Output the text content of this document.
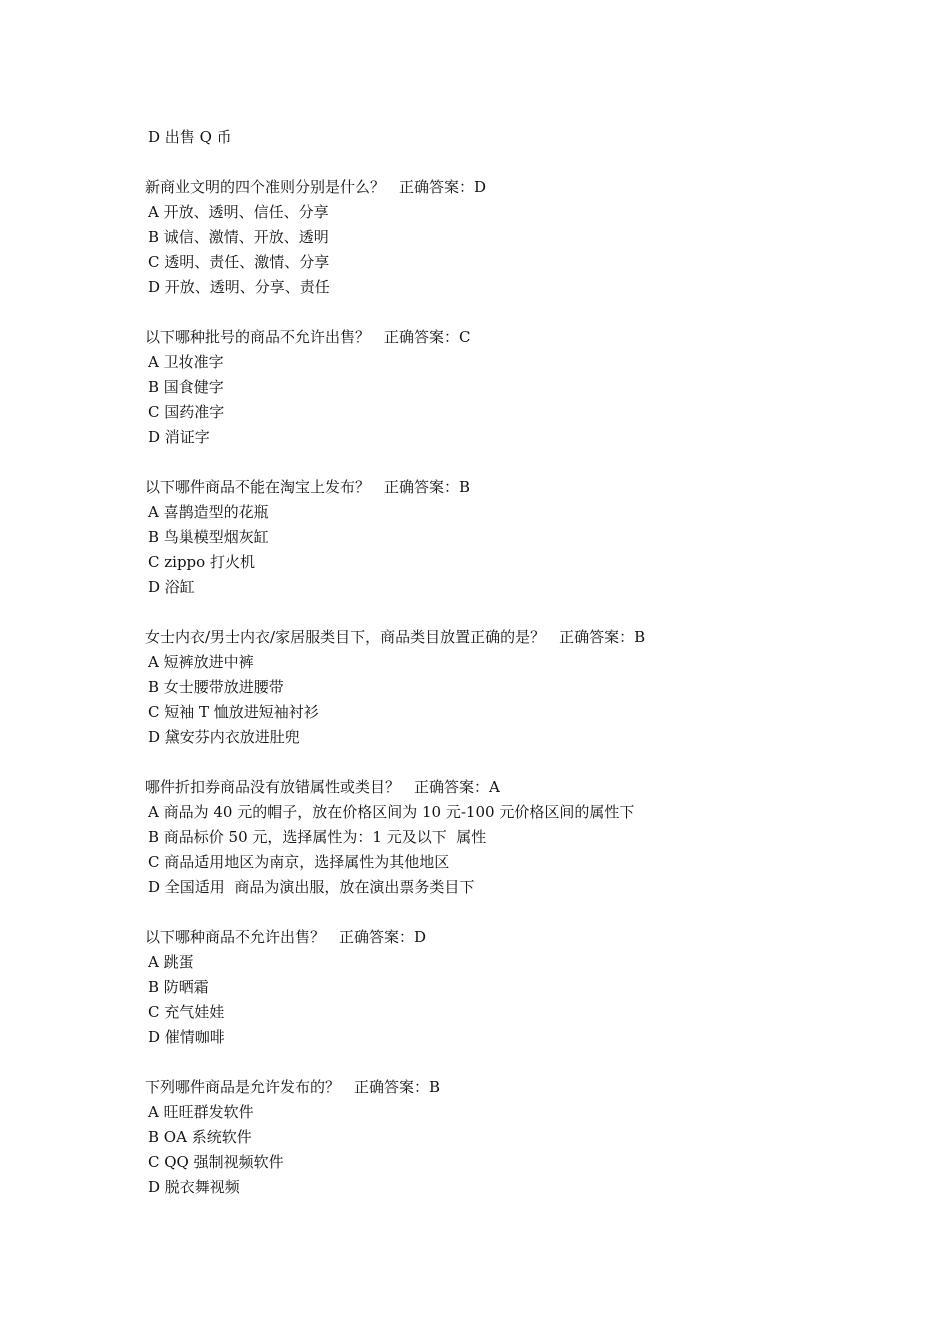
D 出售 Q 币
新商业文明的四个准则分别是什么？ 正确答案：D
A 开放、透明、信任、分享
B 诚信、激情、开放、透明
C 透明、责任、激情、分享
D 开放、透明、分享、责任
以下哪种批号的商品不允许出售？ 正确答案：C
A 卫妆准字
B 国食健字
C 国药准字
D 消证字
以下哪件商品不能在淘宝上发布？ 正确答案：B
A 喜鹊造型的花瓶
B 鸟巢模型烟灰缸
C zippo 打火机
D 浴缸
女士内衣/男士内衣/家居服类目下，商品类目放置正确的是？ 正确答案：B
A 短裤放进中裤
B 女士腰带放进腰带
C 短袖 T 恤放进短袖衬衫
D 黛安芬内衣放进肚兜
哪件折扣券商品没有放错属性或类目？ 正确答案：A
A 商品为 40 元的帽子，放在价格区间为 10 元-100 元价格区间的属性下
B 商品标价 50 元，选择属性为：1 元及以下  属性
C 商品适用地区为南京，选择属性为其他地区
D 全国适用  商品为演出服，放在演出票务类目下
以下哪种商品不允许出售？ 正确答案：D
A 跳蛋
B 防晒霜
C 充气娃娃
D 催情咖啡
下列哪件商品是允许发布的？ 正确答案：B
A 旺旺群发软件
B OA 系统软件
C QQ 强制视频软件
D 脱衣舞视频
